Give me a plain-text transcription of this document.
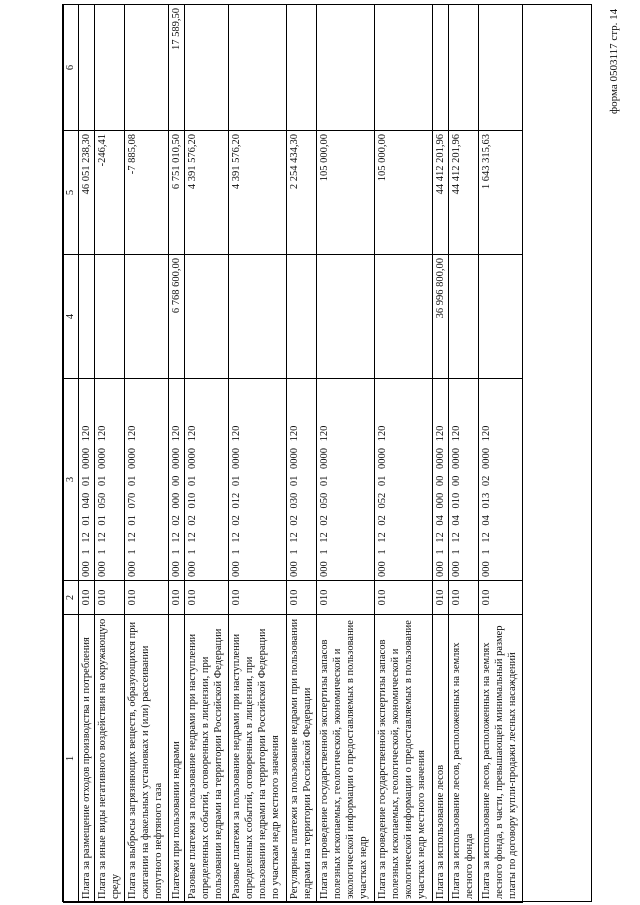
форма 0503117 стр. 14
1	2	3	4	5	6
Плата за размещение отходов производства и потребления	010	000 1 12 01 040 01 0000 120		46 051 238,30	
Плата за иные виды негативного воздействия на окружающую среду	010	000 1 12 01 050 01 0000 120		-246,41	
Плата за выбросы загрязняющих веществ, образующихся при сжигании на факельных установках и (или) рассеивании попутного нефтяного газа	010	000 1 12 01 070 01 0000 120		-7 885,08	
Платежи при пользовании недрами	010	000 1 12 02 000 00 0000 120	6 768 600,00	6 751 010,50	17 589,50
Разовые платежи за пользование недрами при наступлении определенных событий, оговоренных в лицензии, при пользовании недрами на территории Российской Федерации	010	000 1 12 02 010 01 0000 120		4 391 576,20	
Разовые платежи за пользование недрами при наступлении определенных событий, оговоренных в лицензии, при пользовании недрами на территории Российской Федерации по участкам недр местного значения	010	000 1 12 02 012 01 0000 120		4 391 576,20	
Регулярные платежи за пользование недрами при пользовании недрами на территории Российской Федерации	010	000 1 12 02 030 01 0000 120		2 254 434,30	
Плата за проведение государственной экспертизы запасов полезных ископаемых, геологической, экономической и экологической информации о предоставляемых в пользование участках недр	010	000 1 12 02 050 01 0000 120		105 000,00	
Плата за проведение государственной экспертизы запасов полезных ископаемых, геологической, экономической и экологической информации о предоставляемых в пользование участках недр местного значения	010	000 1 12 02 052 01 0000 120		105 000,00	
Плата за использование лесов	010	000 1 12 04 000 00 0000 120	36 996 800,00	44 412 201,96	
Плата за использование лесов, расположенных на землях лесного фонда	010	000 1 12 04 010 00 0000 120		44 412 201,96	
Плата за использование лесов, расположенных на землях лесного фонда, в части, превышающей минимальный размер платы по договору купли-продажи лесных насаждений	010	000 1 12 04 013 02 0000 120		1 643 315,63	
